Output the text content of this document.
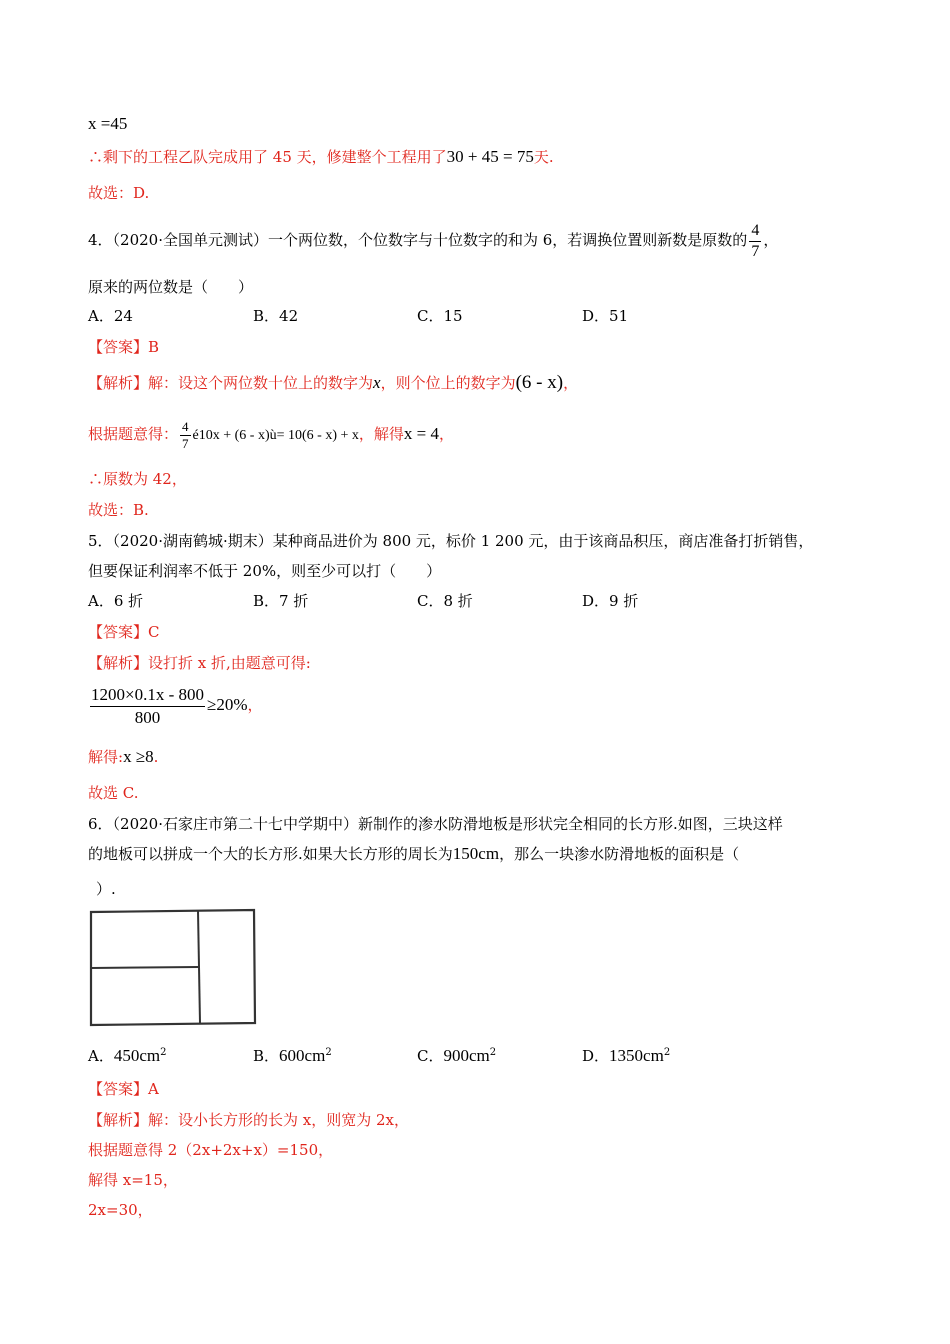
x =45
∴剩下的工程乙队完成用了 45 天，修建整个工程用了30 + 45 = 75天.
故选：D.
4．（2020·全国单元测试）一个两位数，个位数字与十位数字的和为 6，若调换位置则新数是原数的 $\frac{4}{7}$ ，
原来的两位数是（　　）
A．24	B．42	C．15	D．51
【答案】B
【解析】解：设这个两位数十位上的数字为x，则个位上的数字为(6 - x)，
根据题意得： $\frac{4}{7}$ é10x + (6 - x)ù= 10(6 - x) + x，解得x = 4，
∴原数为 42，
故选：B.
5．（2020·湖南鹤城·期末）某种商品进价为 800 元，标价 1 200 元，由于该商品积压，商店准备打折销售，
但要保证利润率不低于 20%，则至少可以打（　　）
A．6 折	B．7 折	C．8 折	D．9 折
【答案】C
【解析】设打折 x 折,由题意可得:
$\frac{1200\times 0.1x - 800}{800} \ge 20\%$，
解得:x ≥8.
故选 C.
6．（2020·石家庄市第二十七中学期中）新制作的渗水防滑地板是形状完全相同的长方形.如图，三块这样
的地板可以拼成一个大的长方形.如果大长方形的周长为150cm，那么一块渗水防滑地板的面积是（
）.
A．$450cm^2$	B．$600cm^2$	C．$900cm^2$	D．$1350cm^2$
【答案】A
【解析】解：设小长方形的长为 x，则宽为 2x，
根据题意得 2（2x+2x+x）=150，
解得 x=15，
2x=30，
